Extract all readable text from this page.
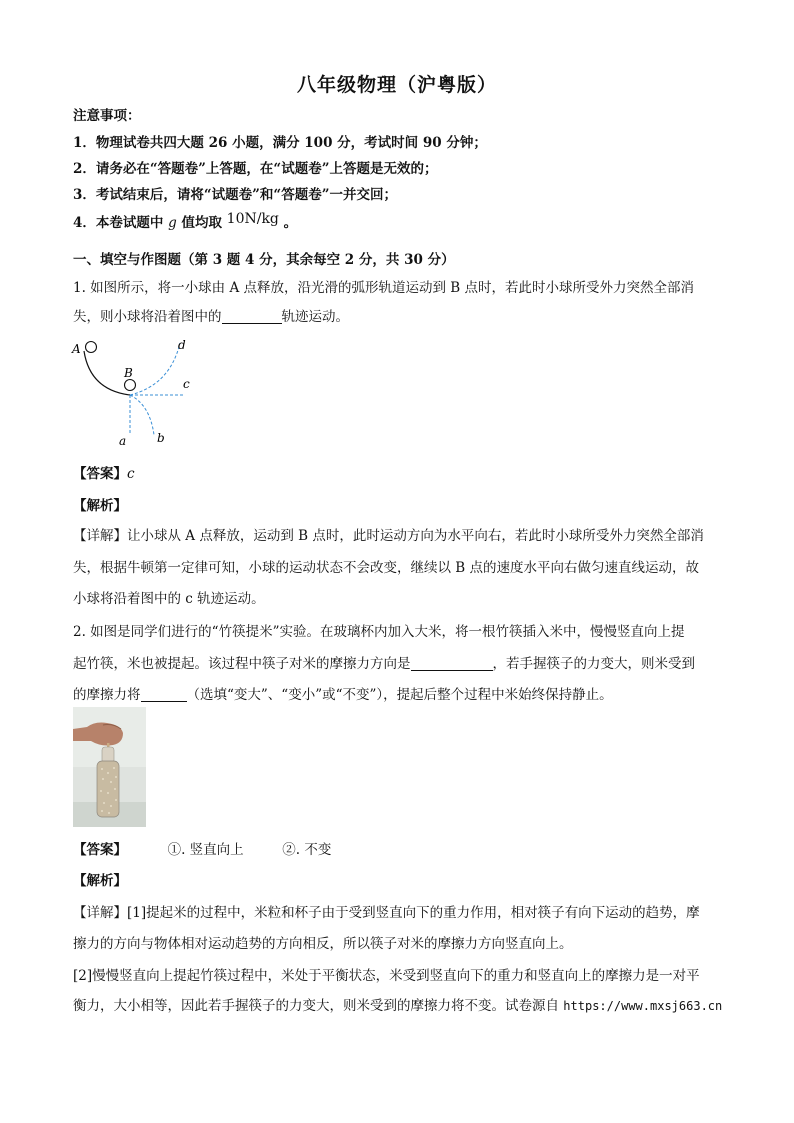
八年级物理（沪粤版）
注意事项：
1．物理试卷共四大题 26 小题，满分 100 分，考试时间 90 分钟；
2．请务必在“答题卷”上答题，在“试题卷”上答题是无效的；
3．考试结束后，请将“试题卷”和“答题卷”一并交回；
4．本卷试题中 g 值均取 10N/kg 。
一、填空与作图题（第 3 题 4 分，其余每空 2 分，共 30 分）
1. 如图所示，将一小球由 A 点释放，沿光滑的弧形轨道运动到 B 点时，若此时小球所受外力突然全部消
失，则小球将沿着图中的	轨迹运动。
A
B
d
c
b
a
【答案】c
【解析】
【详解】让小球从 A 点释放，运动到 B 点时，此时运动方向为水平向右，若此时小球所受外力突然全部消
失，根据牛顿第一定律可知，小球的运动状态不会改变，继续以 B 点的速度水平向右做匀速直线运动，故
小球将沿着图中的 c 轨迹运动。
2. 如图是同学们进行的“竹筷提米”实验。在玻璃杯内加入大米，将一根竹筷插入米中，慢慢竖直向上提
起竹筷，米也被提起。该过程中筷子对米的摩擦力方向是	，若手握筷子的力变大，则米受到
的摩擦力将	（选填“变大”、“变小”或“不变”），提起后整个过程中米始终保持静止。
【答案】	①. 竖直向上	②. 不变
【解析】
【详解】[1]提起米的过程中，米粒和杯子由于受到竖直向下的重力作用，相对筷子有向下运动的趋势，摩
擦力的方向与物体相对运动趋势的方向相反，所以筷子对米的摩擦力方向竖直向上。
[2]慢慢竖直向上提起竹筷过程中，米处于平衡状态，米受到竖直向下的重力和竖直向上的摩擦力是一对平
衡力，大小相等，因此若手握筷子的力变大，则米受到的摩擦力将不变。试卷源自 https://www.mxsj663.cn
